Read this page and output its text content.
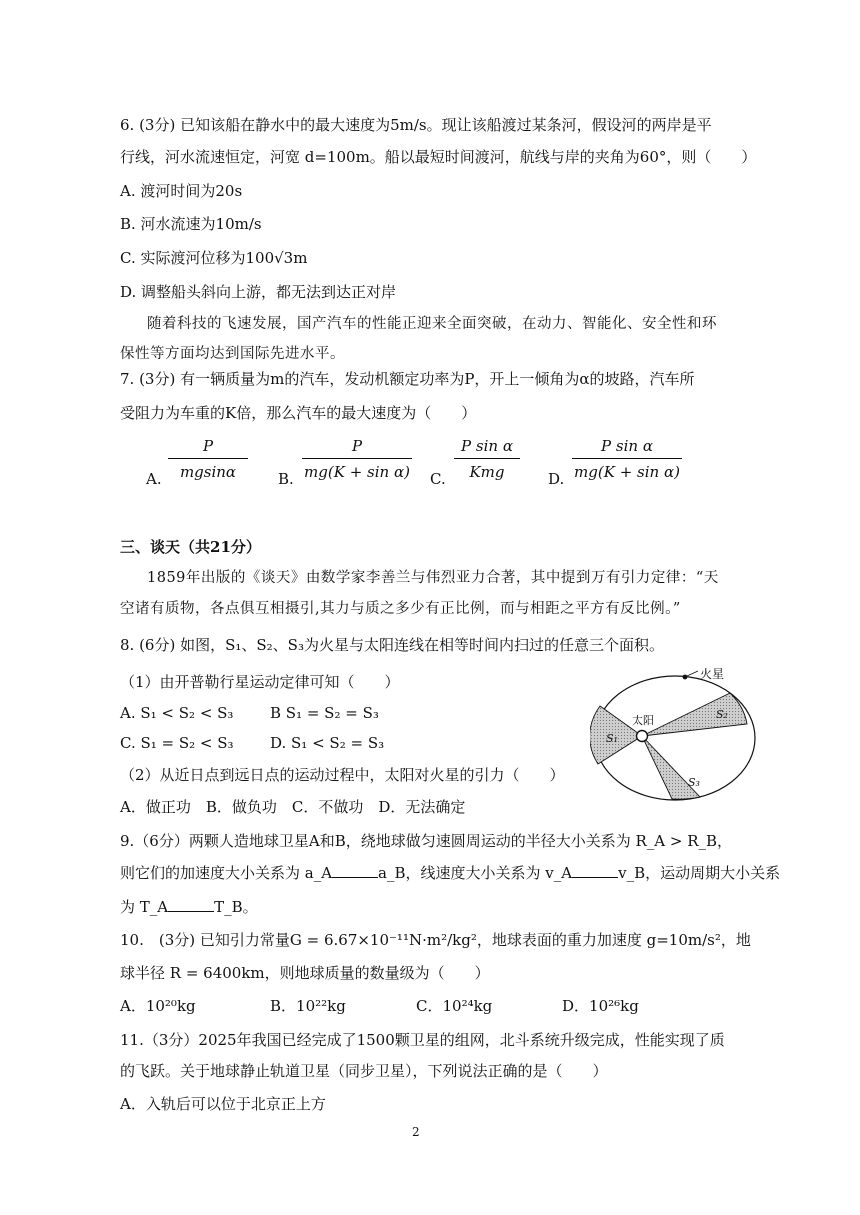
6. (3分) 已知该船在静水中的最大速度为5m/s。现让该船渡过某条河，假设河的两岸是平
行线，河水流速恒定，河宽 d=100m。船以最短时间渡河，航线与岸的夹角为60°，则（　　）
A. 渡河时间为20s
B. 河水流速为10m/s
C. 实际渡河位移为100√3m
D. 调整船头斜向上游，都无法到达正对岸
随着科技的飞速发展，国产汽车的性能正迎来全面突破，在动力、智能化、安全性和环
保性等方面均达到国际先进水平。
7. (3分) 有一辆质量为m的汽车，发动机额定功率为P，开上一倾角为α的坡路，汽车所
受阻力为车重的K倍，那么汽车的最大速度为（　　）
A. $\frac{P}{mgsin\alpha} B$. $\frac{P}{\text{mg(K + sin α)}} C$.
P sin α
Kmg	D. $\frac{\text{P sin α}}{\text{mg(K + sin α)}}$
三、谈天（共21分）
1859年出版的《谈天》由数学家李善兰与伟烈亚力合著，其中提到万有引力定律：“天
空诸有质物，各点俱互相摄引,其力与质之多少有正比例，而与相距之平方有反比例。”
8. (6分) 如图，S₁、S₂、S₃为火星与太阳连线在相等时间内扫过的任意三个面积。
（1）由开普勒行星运动定律可知（　　）
A. S₁ < S₂ < S₃ B S₁ = S₂ = S₃
C. S₁ = S₂ < S₃ D. S₁ < S₂ = S₃
（2）从近日点到远日点的运动过程中，太阳对火星的引力（　　）
A．做正功　B．做负功　C．不做功　D．无法确定
火星
太阳
S₁
S₂
S₃
9.（6分）两颗人造地球卫星A和B，绕地球做匀速圆周运动的半径大小关系为 R_A > R_B，
则它们的加速度大小关系为 a_A	a_B，线速度大小关系为 v_A	v_B，运动周期大小关系
为 T_A	T_B。
10.　(3分) 已知引力常量G = 6.67×10⁻¹¹N·m²/kg²，地球表面的重力加速度 g=10m/s²，地
球半径 R = 6400km，则地球质量的数量级为（　　）
A．10²⁰kg	B．10²²kg	C．10²⁴kg	D．10²⁶kg
11.（3分）2025年我国已经完成了1500颗卫星的组网，北斗系统升级完成，性能实现了质
的飞跃。关于地球静止轨道卫星（同步卫星），下列说法正确的是（　　）
A．入轨后可以位于北京正上方
2
